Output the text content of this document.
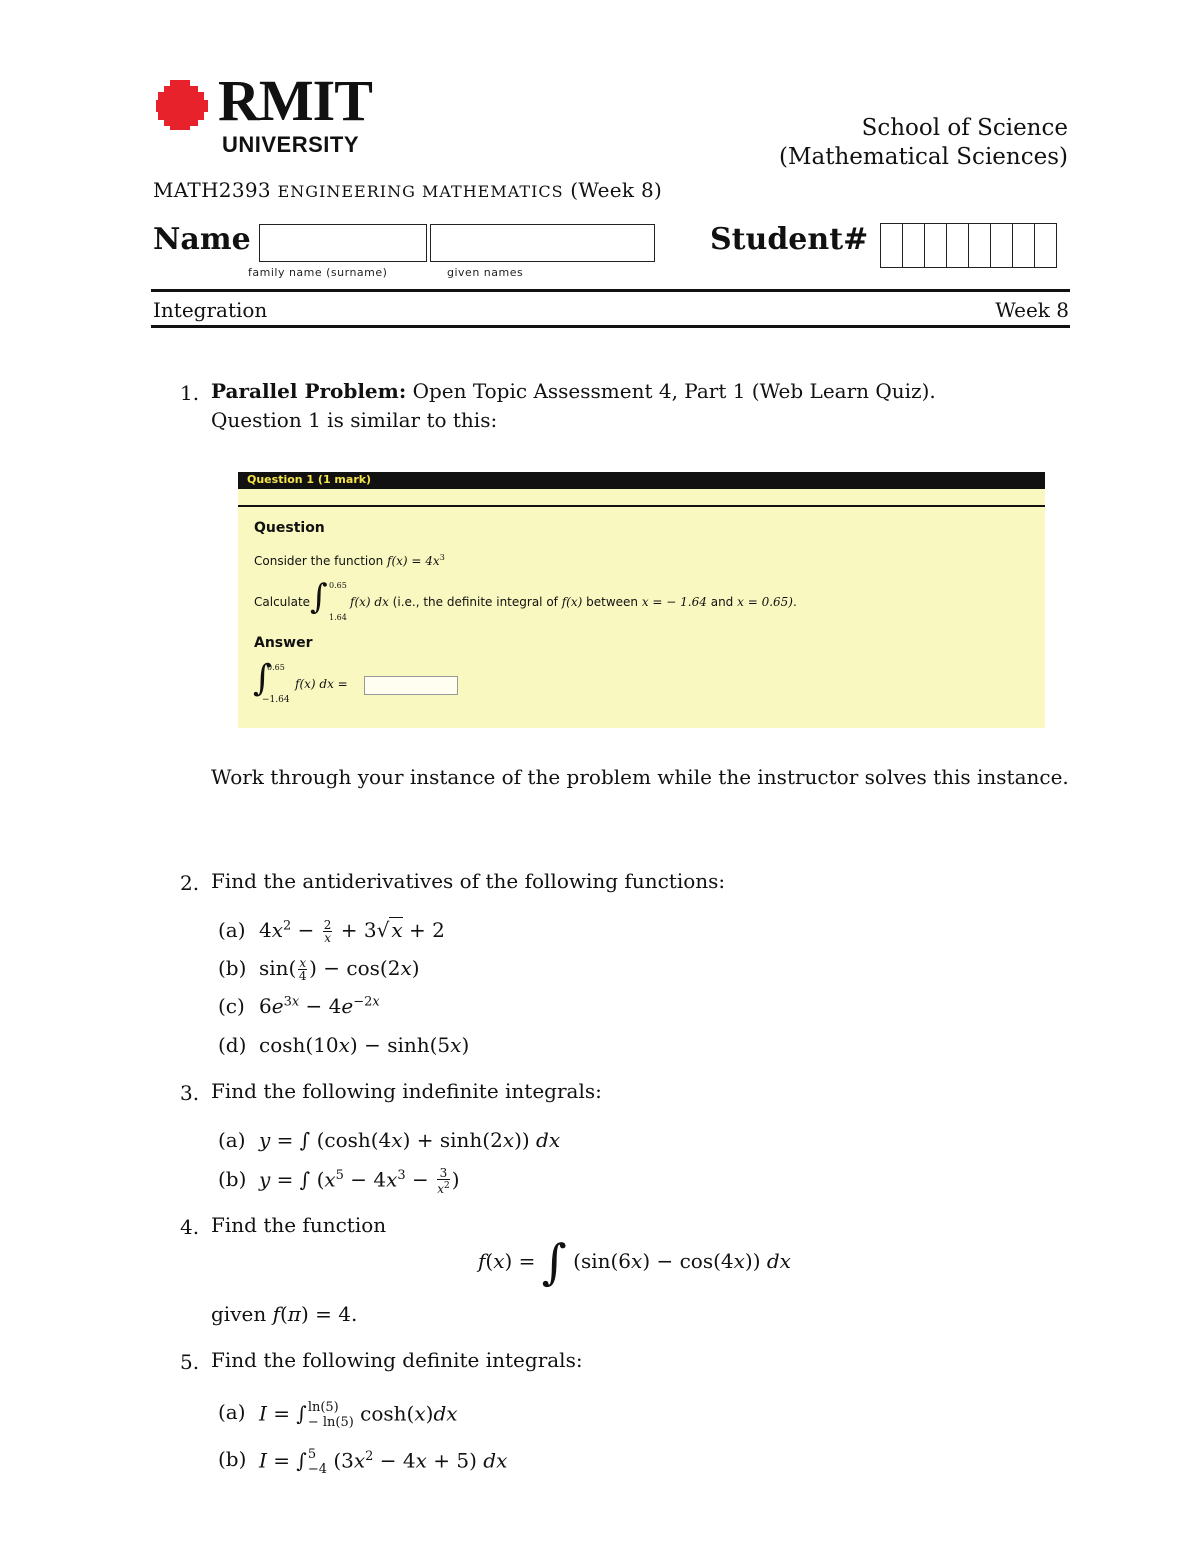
RMIT
UNIVERSITY
School of Science
(Mathematical Sciences)
MATH2393 ENGINEERING MATHEMATICS (Week 8)
Name
family name (surname)	given names
Student#
Integration	Week 8
1. Parallel Problem: Open Topic Assessment 4, Part 1 (Web Learn Quiz).
Question 1 is similar to this:
Question 1 (1 mark)
Question
Consider the function $f(x) = 4x^3$
Calculate ∫ 0.65
1.64
f(x) dx (i.e., the definite integral of f(x) between x = − 1.64 and x = 0.65).
Answer
∫
0.65
−1.64
f(x) dx =
Work through your instance of the problem while the instructor solves this instance.
2. Find the antiderivatives of the following functions:
(a) $4x^2 - \frac{2}{x} + 3√$ x + 2
(b) $\sin( \frac{x}{4}$ ) − cos(2x)
(c) $6e^{3x} - 4e^{-2x}$
(d) cosh(10x) − sinh(5x)
3. Find the following indefinite integrals:
(a) y = ∫ (cosh(4x) + sinh(2x)) dx
(b) y = ∫ ($x^5 - 4x^3 - \frac{3}{x^2}$ )
4. Find the function
f(x) = ∫ (sin(6x) − cos(4x)) dx
given f(π) = 4.
5. Find the following definite integrals:
(a) I = ∫ ln(5)
− ln(5) cosh(x)dx
(b) I = ∫ 5
−4 $(3x^2 - 4x + 5)$ dx
